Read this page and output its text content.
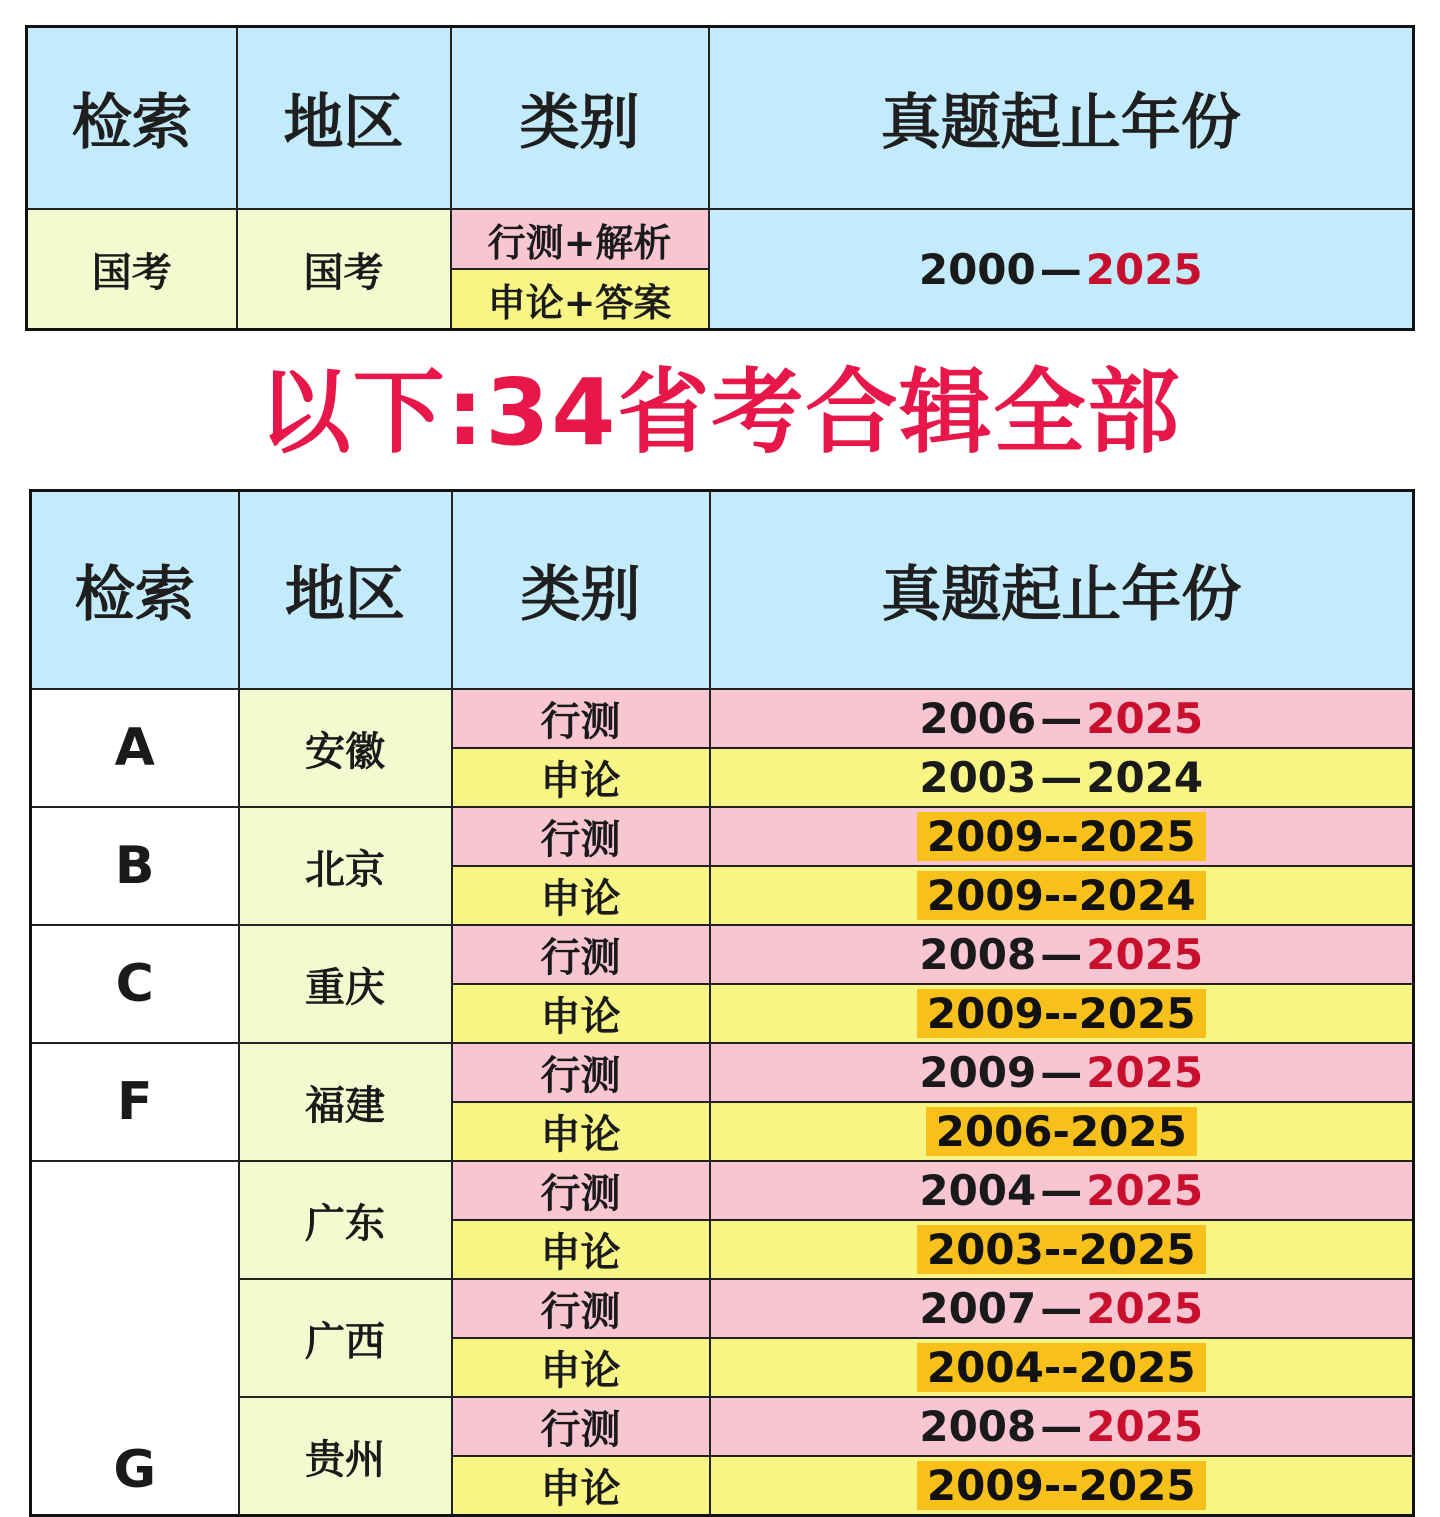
检索	地区	类别	真题起止年份
国考	国考	行测+解析	2000—2025
		申论+答案	
以下:34省考合辑全部
检索	地区	类别	真题起止年份
A	安徽	行测	2006—2025
		申论	2003—2024
B	北京	行测	2009--2025
		申论	2009--2024
C	重庆	行测	2008—2025
		申论	2009--2025
F	福建	行测	2009—2025
		申论	2006-2025
G	广东	行测	2004—2025
		申论	2003--2025
	广西	行测	2007—2025
		申论	2004--2025
	贵州	行测	2008—2025
		申论	2009--2025
